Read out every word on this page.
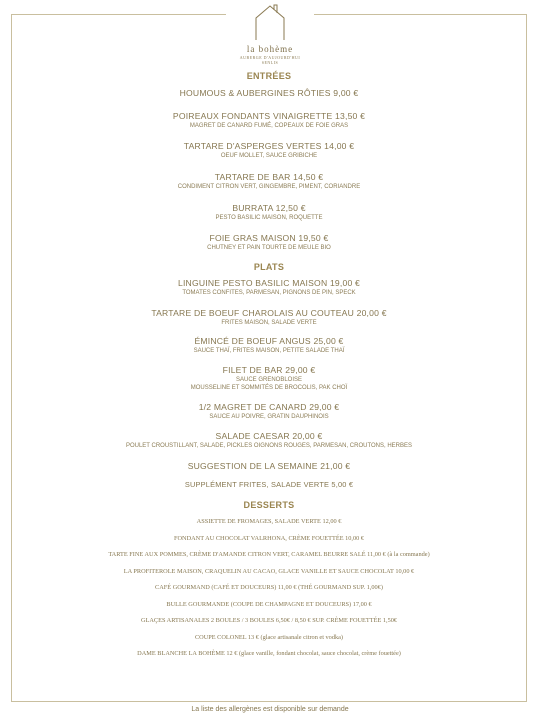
la bohème
AUBERGE D'AUJOURD'HUI
SENLIS
ENTRÉES
HOUMOUS & AUBERGINES RÔTIES 9,00 €
POIREAUX FONDANTS VINAIGRETTE 13,50 €
MAGRET DE CANARD FUMÉ, COPEAUX DE FOIE GRAS
TARTARE D'ASPERGES VERTES 14,00 €
OEUF MOLLET, SAUCE GRIBICHE
TARTARE DE BAR 14,50 €
CONDIMENT CITRON VERT, GINGEMBRE, PIMENT, CORIANDRE
BURRATA 12,50 €
PESTO BASILIC MAISON, ROQUETTE
FOIE GRAS MAISON 19,50 €
CHUTNEY ET PAIN TOURTE DE MEULE BIO
PLATS
LINGUINE PESTO BASILIC MAISON 19,00 €
TOMATES CONFITES, PARMESAN, PIGNONS DE PIN, SPECK
TARTARE DE BOEUF CHAROLAIS AU COUTEAU 20,00 €
FRITES MAISON, SALADE VERTE
ÉMINCÉ DE BOEUF ANGUS 25,00 €
SAUCE THAÏ, FRITES MAISON, PETITE SALADE THAÏ
FILET DE BAR 29,00 €
SAUCE GRENOBLOISE
MOUSSELINE ET SOMMITÉS DE BROCOLIS, PAK CHOÏ
1/2 MAGRET DE CANARD 29,00 €
SAUCE AU POIVRE, GRATIN DAUPHINOIS
SALADE CAESAR 20,00 €
POULET CROUSTILLANT, SALADE, PICKLES OIGNONS ROUGES, PARMESAN, CROUTONS, HERBES
SUGGESTION DE LA SEMAINE 21,00 €
SUPPLÉMENT FRITES, SALADE VERTE 5,00 €
DESSERTS
ASSIETTE DE FROMAGES, SALADE VERTE 12,00 €
FONDANT AU CHOCOLAT VALRHONA, CRÈME FOUETTÉE 10,00 €
TARTE FINE AUX POMMES, CRÈME D'AMANDE CITRON VERT, CARAMEL BEURRE SALÉ 11,00 € (à la commande)
LA PROFITEROLE MAISON, CRAQUELIN AU CACAO, GLACE VANILLE ET SAUCE CHOCOLAT 10,00 €
CAFÉ GOURMAND (CAFÉ ET DOUCEURS) 11,00 € (THÉ GOURMAND SUP. 1,00€)
BULLE GOURMANDE (COUPE DE CHAMPAGNE ET DOUCEURS) 17,00 €
GLAÇES ARTISANALES 2 BOULES / 3 BOULES 6,50€ / 8,50 € SUP. CRÈME FOUETTÉE 1,50€
COUPE COLONEL 13 € (glace artisanale citron et vodka)
DAME BLANCHE LA BOHÈME 12 € (glace vanille, fondant chocolat, sauce chocolat, crème fouettée)
La liste des allergènes est disponible sur demande
